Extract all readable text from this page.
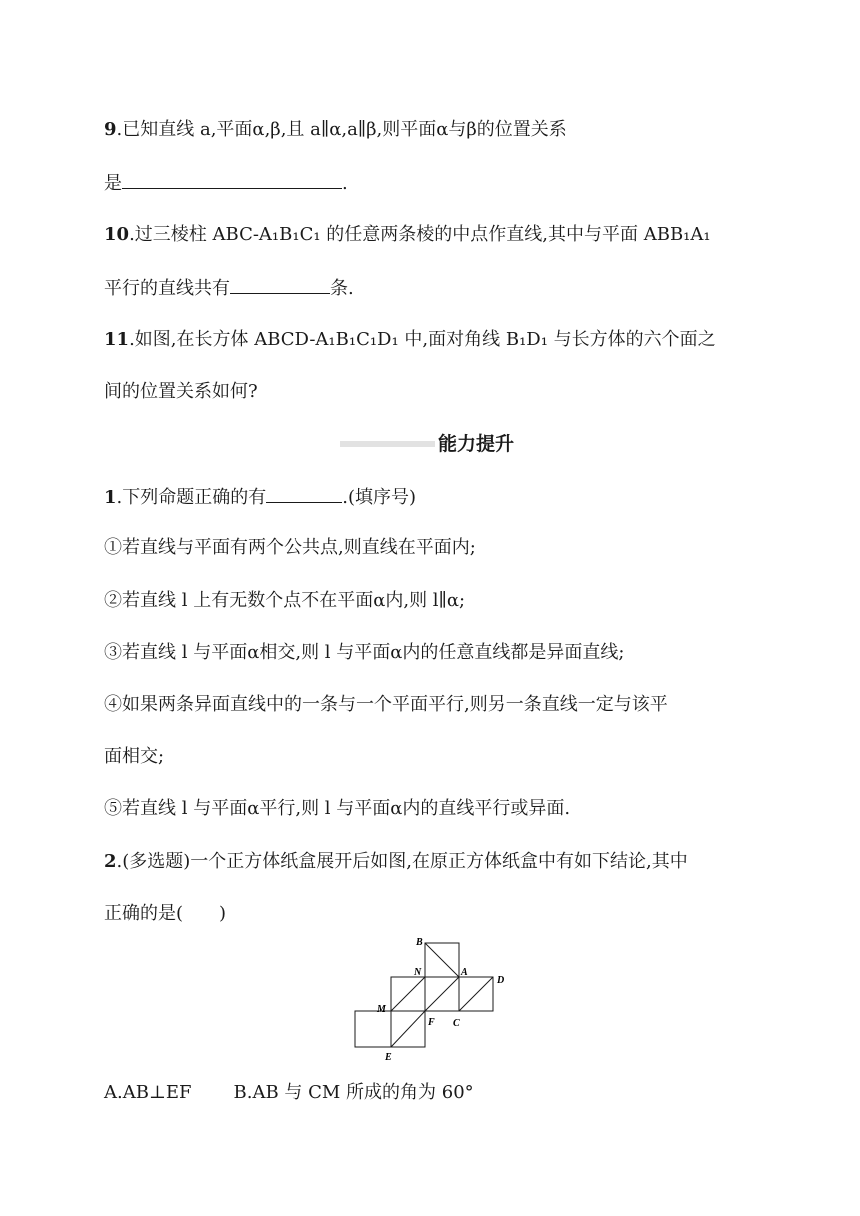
9.已知直线 a,平面α,β,且 a∥α,a∥β,则平面α与β的位置关系
是	.
10.过三棱柱 ABC-A₁B₁C₁ 的任意两条棱的中点作直线,其中与平面 ABB₁A₁
平行的直线共有	条.
11.如图,在长方体 ABCD-A₁B₁C₁D₁ 中,面对角线 B₁D₁ 与长方体的六个面之
间的位置关系如何?
能力提升
1.下列命题正确的有	.(填序号)
①若直线与平面有两个公共点,则直线在平面内;
②若直线 l 上有无数个点不在平面α内,则 l∥α;
③若直线 l 与平面α相交,则 l 与平面α内的任意直线都是异面直线;
④如果两条异面直线中的一条与一个平面平行,则另一条直线一定与该平
面相交;
⑤若直线 l 与平面α平行,则 l 与平面α内的直线平行或异面.
2.(多选题)一个正方体纸盒展开后如图,在原正方体纸盒中有如下结论,其中
正确的是(　　)
B
N	A
D
M
F C
E
A.AB⊥EF B.AB 与 CM 所成的角为 60°
